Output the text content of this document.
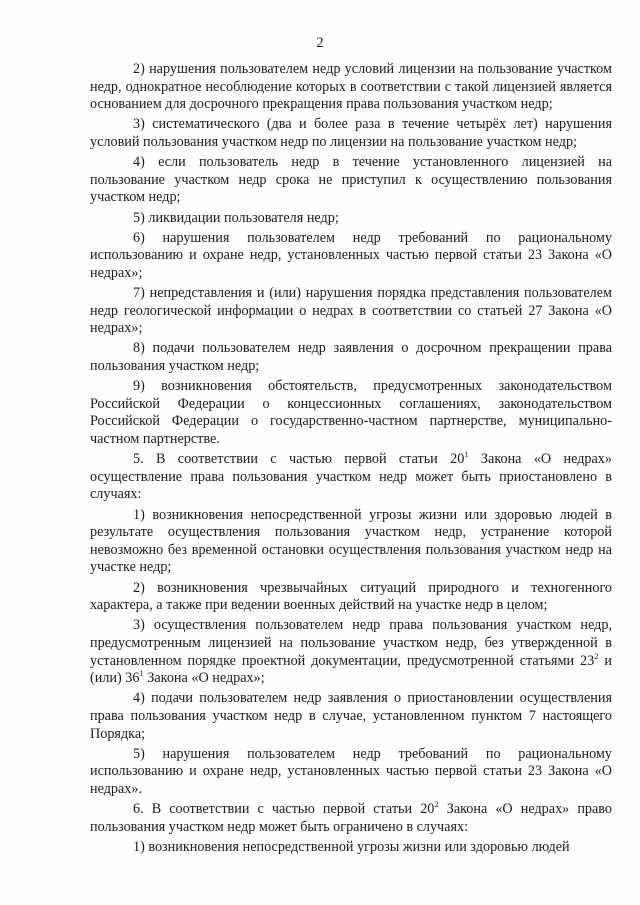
2

2) нарушения пользователем недр условий лицензии на пользование участком недр, однократное несоблюдение которых в соответствии с такой лицензией является основанием для досрочного прекращения права пользования участком недр;

3) систематического (два и более раза в течение четырёх лет) нарушения условий пользования участком недр по лицензии на пользование участком недр;

4) если пользователь недр в течение установленного лицензией на пользование участком недр срока не приступил к осуществлению пользования участком недр;

5) ликвидации пользователя недр;

6) нарушения пользователем недр требований по рациональному использованию и охране недр, установленных частью первой статьи 23 Закона «О недрах»;

7) непредставления и (или) нарушения порядка представления пользователем недр геологической информации о недрах в соответствии со статьей 27 Закона «О недрах»;

8) подачи пользователем недр заявления о досрочном прекращении права пользования участком недр;

9) возникновения обстоятельств, предусмотренных законодательством Российской Федерации о концессионных соглашениях, законодательством Российской Федерации о государственно-частном партнерстве, муниципально-частном партнерстве.

5. В соответствии с частью первой статьи $20^1$ Закона «О недрах» осуществление права пользования участком недр может быть приостановлено в случаях:

1) возникновения непосредственной угрозы жизни или здоровью людей в результате осуществления пользования участком недр, устранение которой невозможно без временной остановки осуществления пользования участком недр на участке недр;

2) возникновения чрезвычайных ситуаций природного и техногенного характера, а также при ведении военных действий на участке недр в целом;

3) осуществления пользователем недр права пользования участком недр, предусмотренным лицензией на пользование участком недр, без утвержденной в установленном порядке проектной документации, предусмотренной статьями $23^2$ и (или) $36^1$ Закона «О недрах»;

4) подачи пользователем недр заявления о приостановлении осуществления права пользования участком недр в случае, установленном пунктом 7 настоящего Порядка;

5) нарушения пользователем недр требований по рациональному использованию и охране недр, установленных частью первой статьи 23 Закона «О недрах».

6. В соответствии с частью первой статьи $20^2$ Закона «О недрах» право пользования участком недр может быть ограничено в случаях:

1) возникновения непосредственной угрозы жизни или здоровью людей
